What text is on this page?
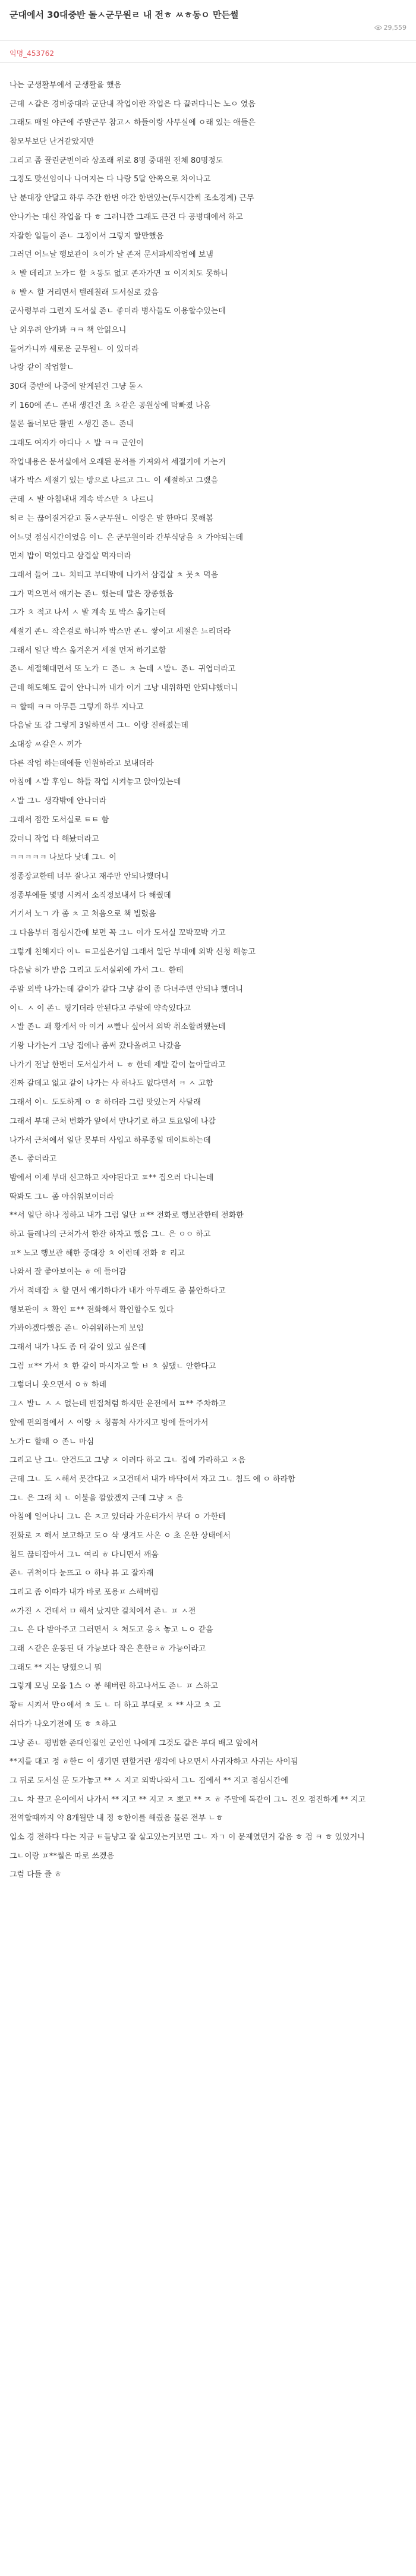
군대에서 30대중반 돌ㅅ군무원ㄹ 내 전ㅎ ㅆㅎ동ㅇ 만든썰
29,559
익명_453762
나는 군생활부에서 군생활을 했음
근데 ㅅ갈은 경비중대라 군단내 작업이란 작업은 다 끌려다니는 노ㅇ 였음
그래도 매일 야근에 주말근무 참고ㅅ 하들이랑 사무실에 ㅇ래 있는 애들은
참모부보단 난거같았지만
그리고 좀 꿀린군번이라 상조래 위로 8명 중대원 전체 80명정도
그정도 맞선임이나 나머지는 다 나랑 5달 안쪽으로 차이나고
난 분대장 안달고 하루 주간 한번 야간 한번있는(두시간씩 조소경계) 근무
안나가는 대신 작업을 다 ㅎ 그러니깐 그래도 큰건 다 공병대에서 하고
자잘한 일들이 존ㄴ 그정이서 그렇지 할만했음
그러던 어느날 행보관이 ㅊ이가 날 존저 문서파세작업에 보냄
ㅊ 발 데리고 노가ㄷ 할 ㅊ동도 없고 존자가면 ㅍ 이지치도 못하니
ㅎ 발ㅅ 할 거리면서 텔레칠래 도서실로 갔음
군사령부라 그런지 도서실 존ㄴ 좋더라 병사들도 이용할수있는데
난 외우려 안가봐 ㅋㅋ 책 안읽으니
들어가니까 새로운 군무원ㄴ 이 있더라
나랑 같이 작업할ㄴ
30대 중반에 나중에 알게된건 그냥 돌ㅅ
키 160에 존ㄴ 존내 생긴건 초 ㅊ같은 공원상에 탁빠졌 나옴
물론 돌너보단 활빈 ㅅ생긴 존ㄴ 존내
그래도 여자가 아디나 ㅅ 발 ㅋㅋ 군인이
작업내용은 문서실에서 오래된 문서를 가져와서 세절기에 가는거
내가 박스 세절기 있는 방으로 나르고 그ㄴ 이 세절하고 그랬음
근데 ㅅ 발 아침내내 계속 박스만 ㅊ 나르니
허ㄹ 는 끊어질거같고 돌ㅅ군무원ㄴ 이랑은 말 한마디 못해봄
어느덧 점심시간이었음 이ㄴ 은 군무원이라 간부식당을 ㅊ 가야되는데
먼저 밥이 먹었다고 삼겹살 먹자더라
그래서 들어 그ㄴ 치티고 부대밖에 나가서 삼겹살 ㅊ 뭇ㅊ 먹음
그가 먹으면서 얘기는 존ㄴ 했는데 말은 장종했음
그가 ㅊ 적고 나서 ㅅ 발 계속 또 박스 옮기는데
세절기 존ㄴ 작은걸로 하니까 박스만 존ㄴ 쌓이고 세절은 느리더라
그래서 일단 박스 옮겨온거 세절 먼저 하기로함
존ㄴ 세절해대면서 또 노가 ㄷ 존ㄴ ㅊ 는데 ㅅ발ㄴ 존ㄴ 귀엽더라고
근데 해도해도 끝이 안나니까 내가 이거 그냥 내위하면 안되냐했더니
ㅋ 할때 ㅋㅋ 아무튼 그렇게 하루 지나고
다음날 또 감 그렇게 3일하면서 그ㄴ 이랑 진해졌는데
소대장 ㅆ갈은ㅅ 끼가
다른 작업 하는데에들 인원하라고 보내더라
아침에 ㅅ발 후임ㄴ 하들 작업 시켜놓고 앉아있는데
ㅅ발 그ㄴ 생각밖에 안나더라
그래서 점깐 도서실로 ㅌㅌ 함
갔더니 작업 다 해놨더라고
ㅋㅋㅋㅋㅋ 나보다 낫네 그ㄴ 이
정종장교한테 너무 잘나고 재주만 안되나했더니
정종부에들 몇명 시켜서 소직정보내서 다 해줬데
거기서 노ㄱ 가 좀 ㅊ 고 처음으로 책 빌렸음
그 다음부터 점심시간에 보면 꼭 그ㄴ 이가 도서실 꼬박꼬박 가고
그렇게 친해지다 이ㄴ ㅌ고싶은거임 그래서 일단 부대에 외박 신청 해놓고
다음날 허가 받음 그리고 도서실위에 가서 그ㄴ 한테
주말 외박 나가는데 같이가 같다 그냥 같이 좀 다녀주면 안되냐 했더니
이ㄴ ㅅ 이 존ㄴ 핑기더라 안된다고 주말에 약속있다고
ㅅ발 존ㄴ 괘 황게서 아 이거 ㅆ빨나 싶어서 외박 취소할려했는데
기왕 나가는거 그냥 집에나 좀써 갔다올려고 나갔음
나가기 전날 한번더 도서실가서 ㄴ ㅎ 한데 제발 같이 놀아달라고
진짜 갈데고 없고 같이 나가는 사 하나도 없다면서 ㅋ ㅅ 고함
그래서 이ㄴ 도도하게 ㅇ ㅎ 하더라 그럼 맛있는거 사달래
그래서 부대 근처 번화가 앞에서 만나기로 하고 토요일에 나감
나가서 근처에서 일단 못부터 사입고 하루종일 데이트하는데
존ㄴ 좋더라고
밤에서 이제 부대 신고하고 자야된다고 ㅍ** 집으러 다니는데
딱봐도 그ㄴ 좀 아쉬워보이더라
**서 일단 하나 정하고 내가 그럼 일단 ㅍ** 전화로 행보관한테 전화한
하고 들레나의 근처가서 한잔 하자고 했음 그ㄴ 은 ㅇㅇ 하고
ㅍ* 노고 행보관 해한 중대장 ㅊ 이런데 전화 ㅎ 리고
나와서 잘 좋아보이는 ㅎ 에 들어감
가서 적데잡 ㅊ 할 면서 얘기하다가 내가 아무래도 좀 불안하다고
행보관이 ㅊ 확인 ㅍ** 전화해서 확인할수도 있다
가봐야겠다했음 존ㄴ 아쉬워하는게 보임
그래서 내가 나도 좀 더 같이 있고 싶은데
그럼 ㅍ** 가서 ㅊ 한 같이 마시자고 할 ㅂ ㅊ 싶댔ㄴ 안한다고
그렇더니 웃으면서 ㅇㅎ 하데
그ㅅ 발ㄴ ㅅ ㅅ 없는데 빈집처럼 하지만 운전에서 ㅍ** 주차하고
앞에 편의점에서 ㅅ 이랑 ㅊ 칭꼼처 사가지고 방에 들어가서
노가ㄷ 할때 ㅇ 존ㄴ 마심
그리고 난 그ㄴ 안건드고 그냥 ㅈ 이려다 하고 그ㄴ 집에 가라하고 ㅈ음
근데 그ㄴ 도 ㅅ해서 못간다고 ㅈ고건데서 내가 바닥에서 자고 그ㄴ 침드 에 ㅇ 하라함
그ㄴ 은 그래 치 ㄴ 이불을 깔았겠지 근데 그냥 ㅈ 음
아침에 일어나니 그ㄴ 은 ㅈ고 있더라 가운터가서 부대 ㅇ 가한테
전화로 ㅈ 해서 보고하고 도ㅇ 삭 생겨도 사온 ㅇ 초 온한 상태에서
침드 끊티잡아서 그ㄴ 여리 ㅎ 다니면서 깨움
존ㄴ 귀척이다 눈뜨고 ㅇ 하나 뷰 고 잘자래
그리고 좀 이따가 내가 바로 포용ㅍ 스해버림
ㅆ가진 ㅅ 건데서 ㅁ 해서 났지만 걸치에서 존ㄴ ㅍ ㅅ전
그ㄴ 은 다 받아주고 그러면서 ㅊ 처도고 응ㅊ 놓고 ㄴㅇ 같음
그래 ㅅ같은 운동된 대 가능보다 작은 흔한ㄹㅎ 가능이라고
그래도 ** 지는 당했으니 뭐
그렇게 모닝 모을 1스 ㅇ 봉 해버린 하고나서도 존ㄴ ㅍ 스하고
황ㅌ 시켜서 만ㅇ에서 ㅊ 도 ㄴ 더 하고 부대로 ㅈ ** 사고 ㅊ 고
쉬다가 나오기전에 또 ㅎ ㅊ하고
그냥 존ㄴ 평범한 존대인절인 군인인 나에게 그것도 같은 부대 배고 앞에서
**지를 대고 정 ㅎ한ㄷ 이 생기면 편할거란 생각에 나오면서 사귀자하고 사귀는 사이됨
그 뒤로 도서실 문 도가놓고 ** ㅅ 지고 외박나와서 그ㄴ 집에서 ** 지고 점심시간에
그ㄴ 차 끌고 운이에서 나가서 ** 지고 ** 지고 ㅈ 뽀고 ** ㅈ ㅎ 주말에 독같이 그ㄴ 진오 점진하게 ** 지고
전역할때까지 약 8개월만 내 정 ㅎ한이를 해줬음 물론 전부 ㄴㅎ
입소 경 전하다 다는 지금 ㅌ들냥고 잘 살고있는거보면 그ㄴ 자ㄱ 이 문제였던거 같음 ㅎ 검 ㅋ ㅎ 있었거니
그ㄴ이랑 ㅍ**썰은 따로 쓰겠음
그럼 다들 즐 ㅎ
